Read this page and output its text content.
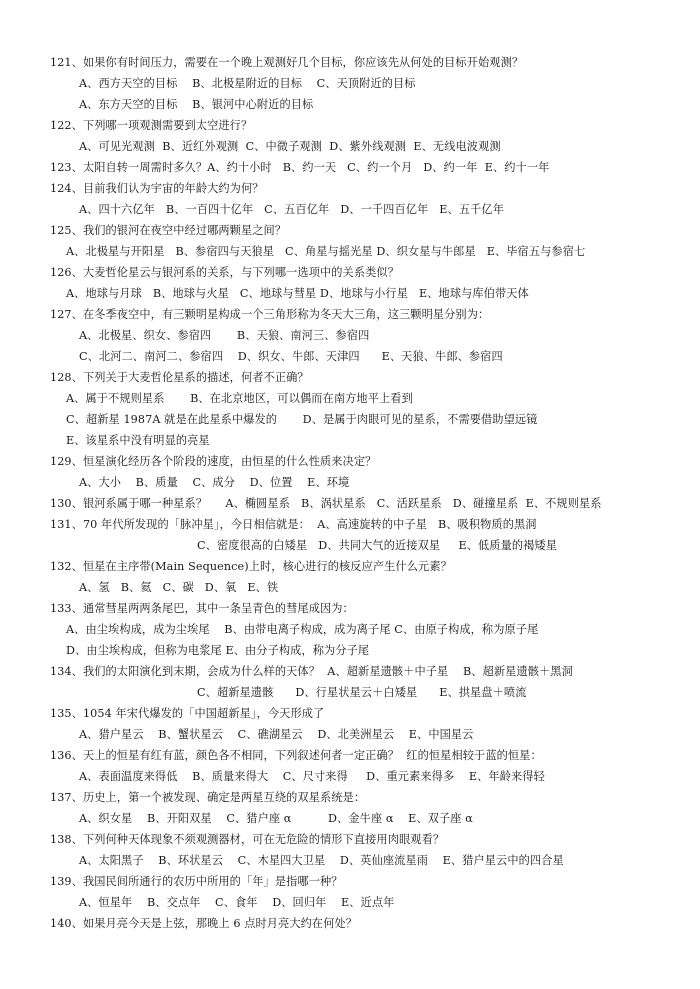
121、如果你有时间压力，需要在一个晚上观测好几个目标，你应该先从何处的目标开始观测？
A、西方天空的目标    B、北极星附近的目标    C、天顶附近的目标
A、东方天空的目标    B、银河中心附近的目标
122、下列哪一项观测需要到太空进行？
A、可见光观测  B、近红外观测  C、中微子观测  D、紫外线观测  E、无线电波观测
123、太阳自转一周需时多久？A、约十小时   B、约一天   C、约一个月   D、约一年  E、约十一年
124、目前我们认为宇宙的年龄大约为何？
A、四十六亿年   B、一百四十亿年   C、五百亿年   D、一千四百亿年   E、五千亿年
125、我们的银河在夜空中经过哪两颗星之间？
A、北极星与开阳星   B、参宿四与天狼星   C、角星与摇光星 D、织女星与牛郎星   E、毕宿五与参宿七
126、大麦哲伦星云与银河系的关系，与下列哪一选项中的关系类似？
A、地球与月球   B、地球与火星   C、地球与彗星 D、地球与小行星   E、地球与库伯带天体
127、在冬季夜空中，有三颗明星构成一个三角形称为冬天大三角，这三颗明星分别为：
A、北极星、织女、参宿四       B、天狼、南河三、参宿四
C、北河二、南河二、参宿四    D、织女、牛郎、天津四      E、天狼、牛郎、参宿四
128、下列关于大麦哲伦星系的描述，何者不正确？
A、属于不规则星系       B、在北京地区，可以偶而在南方地平上看到
C、超新星 1987A 就是在此星系中爆发的       D、是属于肉眼可见的星系，不需要借助望远镜
E、该星系中没有明显的亮星
129、恒星演化经历各个阶段的速度，由恒星的什么性质来决定？
A、大小    B、质量    C、成分    D、位置    E、环境
130、银河系属于哪一种星系？     A、椭圆星系   B、涡状星系   C、活跃星系   D、碰撞星系  E、不规则星系
131、70 年代所发现的「脉冲星」，今日相信就是：  A、高速旋转的中子星   B、吸积物质的黑洞
C、密度很高的白矮星   D、共同大气的近接双星     E、低质量的褐矮星
132、恒星在主序带(Main Sequence)上时，核心进行的核反应产生什么元素？
A、氢   B、氦   C、碳   D、氧   E、铁
133、通常彗星两两条尾巴，其中一条呈青色的彗尾成因为：
A、由尘埃构成，成为尘埃尾    B、由带电离子构成，成为离子尾 C、由原子构成，称为原子尾
D、由尘埃构成，但称为电浆尾 E、由分子构成，称为分子尾
134、我们的太阳演化到末期，会成为什么样的天体？  A、超新星遗骸＋中子星    B、超新星遗骸＋黑洞
C、超新星遗骸      D、行星状星云＋白矮星      E、拱星盘＋喷流
135、1054 年宋代爆发的「中国超新星」，今天形成了
A、猎户星云    B、蟹状星云    C、礁湖星云    D、北美洲星云    E、中国星云
136、天上的恒星有红有蓝，颜色各不相同，下列叙述何者一定正确？  红的恒星相较于蓝的恒星：
A、表面温度来得低    B、质量来得大    C、尺寸来得     D、重元素来得多    E、年龄来得轻
137、历史上，第一个被发现、确定是两星互绕的双星系统是：
A、织女星    B、开阳双星    C、猎户座 α          D、金牛座 α    E、双子座 α
138、下列何种天体现象不须观测器材，可在无危险的情形下直接用肉眼观看？
A、太阳黑子    B、环状星云    C、木星四大卫星    D、英仙座流星雨    E、猎户星云中的四合星
139、我国民间所通行的农历中所用的「年」是指哪一种？
A、恒星年    B、交点年    C、食年    D、回归年    E、近点年
140、如果月亮今天是上弦，那晚上 6 点时月亮大约在何处？
